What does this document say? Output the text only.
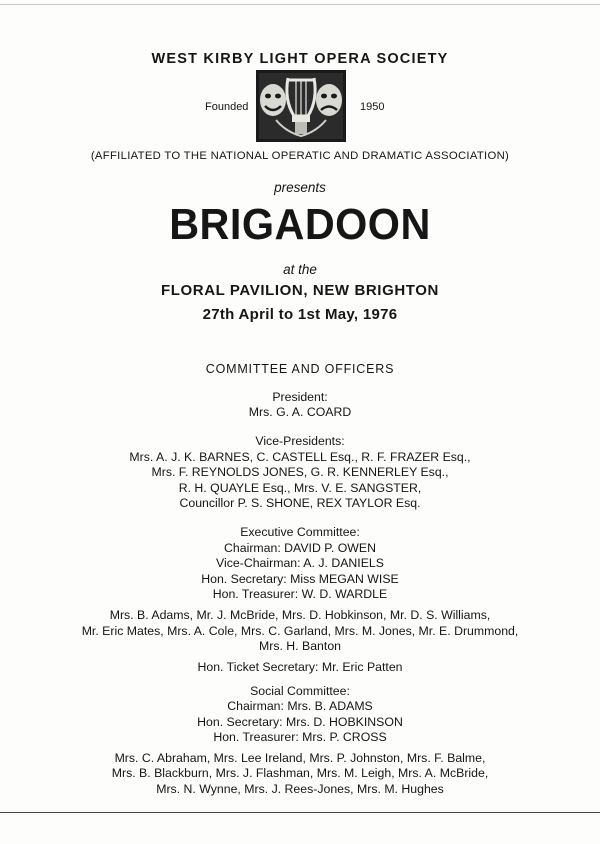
WEST KIRBY LIGHT OPERA SOCIETY
Founded	1950
(AFFILIATED TO THE NATIONAL OPERATIC AND DRAMATIC ASSOCIATION)
presents
BRIGADOON
at the
FLORAL PAVILION, NEW BRIGHTON
27th April to 1st May, 1976
COMMITTEE AND OFFICERS
President:
Mrs. G. A. COARD
Vice-Presidents:
Mrs. A. J. K. BARNES, C. CASTELL Esq., R. F. FRAZER Esq.,
Mrs. F. REYNOLDS JONES, G. R. KENNERLEY Esq.,
R. H. QUAYLE Esq., Mrs. V. E. SANGSTER,
Councillor P. S. SHONE, REX TAYLOR Esq.
Executive Committee:
Chairman: DAVID P. OWEN
Vice-Chairman: A. J. DANIELS
Hon. Secretary: Miss MEGAN WISE
Hon. Treasurer: W. D. WARDLE
Mrs. B. Adams, Mr. J. McBride, Mrs. D. Hobkinson, Mr. D. S. Williams,
Mr. Eric Mates, Mrs. A. Cole, Mrs. C. Garland, Mrs. M. Jones, Mr. E. Drummond,
Mrs. H. Banton
Hon. Ticket Secretary: Mr. Eric Patten
Social Committee:
Chairman: Mrs. B. ADAMS
Hon. Secretary: Mrs. D. HOBKINSON
Hon. Treasurer: Mrs. P. CROSS
Mrs. C. Abraham, Mrs. Lee Ireland, Mrs. P. Johnston, Mrs. F. Balme,
Mrs. B. Blackburn, Mrs. J. Flashman, Mrs. M. Leigh, Mrs. A. McBride,
Mrs. N. Wynne, Mrs. J. Rees-Jones, Mrs. M. Hughes
